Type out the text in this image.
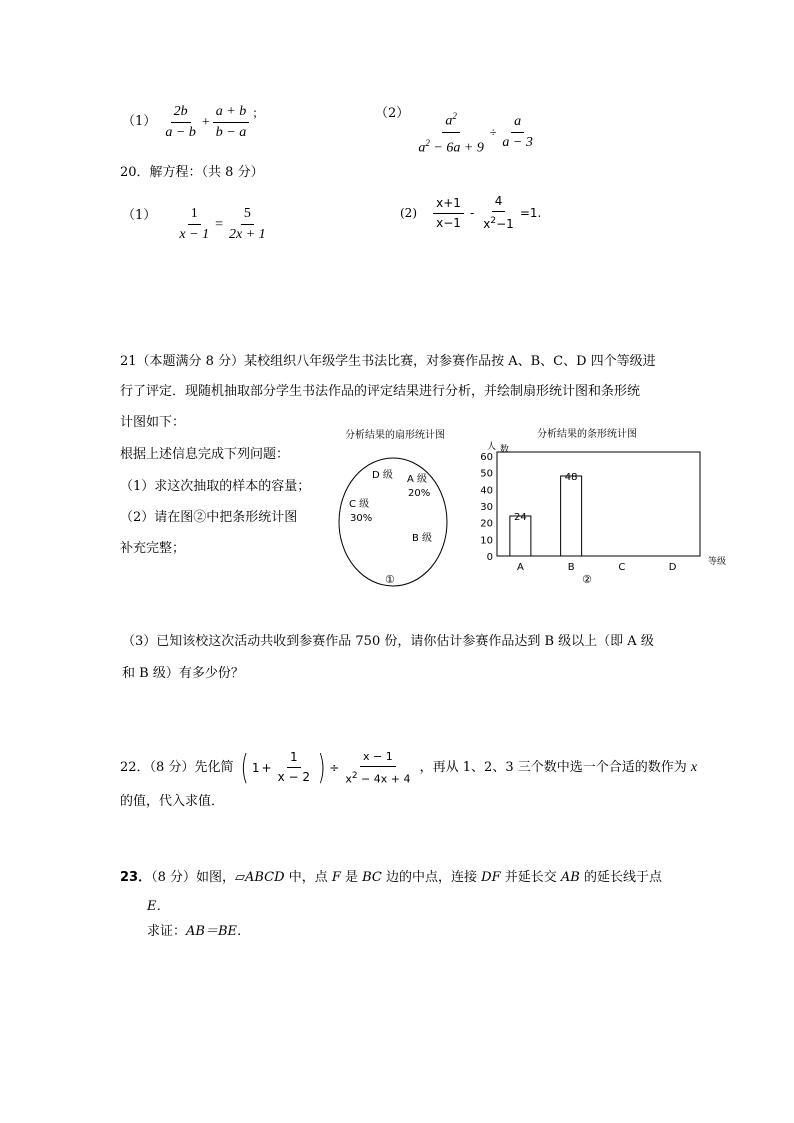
$(1) \frac{2b}{a - b} + \frac{a + b}{b - a}$ ；	$(2) \frac{a^2}{a^2 - 6a + 9} \div \frac{a}{a - 3}$
20．解方程：（共 8 分）
$(1) \frac{1}{x - 1} = \frac{5}{2x + 1}$	$(2) \frac{x+1}{x-1} - \frac{4}{x^2-1} =1$.
21（本题满分 8 分）某校组织八年级学生书法比赛，对参赛作品按 A、B、C、D 四个等级进
行了评定．现随机抽取部分学生书法作品的评定结果进行分析，并绘制扇形统计图和条形统
计图如下：
根据上述信息完成下列问题：
（1）求这次抽取的样本的容量；
（2）请在图②中把条形统计图
补充完整；
分析结果的扇形统计图
D 级 A 级
20%
C 级
30%
B 级
①
分析结果的条形统计图
人 数
0
10
20
30
40
50
60
24
48
A	B	C	D	等级
②
（3）已知该校这次活动共收到参赛作品 750 份，请你估计参赛作品达到 B 级以上（即 A 级
和 B 级）有多少份？
22．（8 分）先化简 ( $1 + \frac{1}{x - 2}$ ) ÷ $\frac{x - 1}{x^2 - 4x + 4}$ ，再从 1、2、3 三个数中选一个合适的数作为 x
的值，代入求值．
23．（8 分）如图，▱ABCD 中，点 F 是 BC 边的中点，连接 DF 并延长交 AB 的延长线于点
E．
求证：AB＝BE．
